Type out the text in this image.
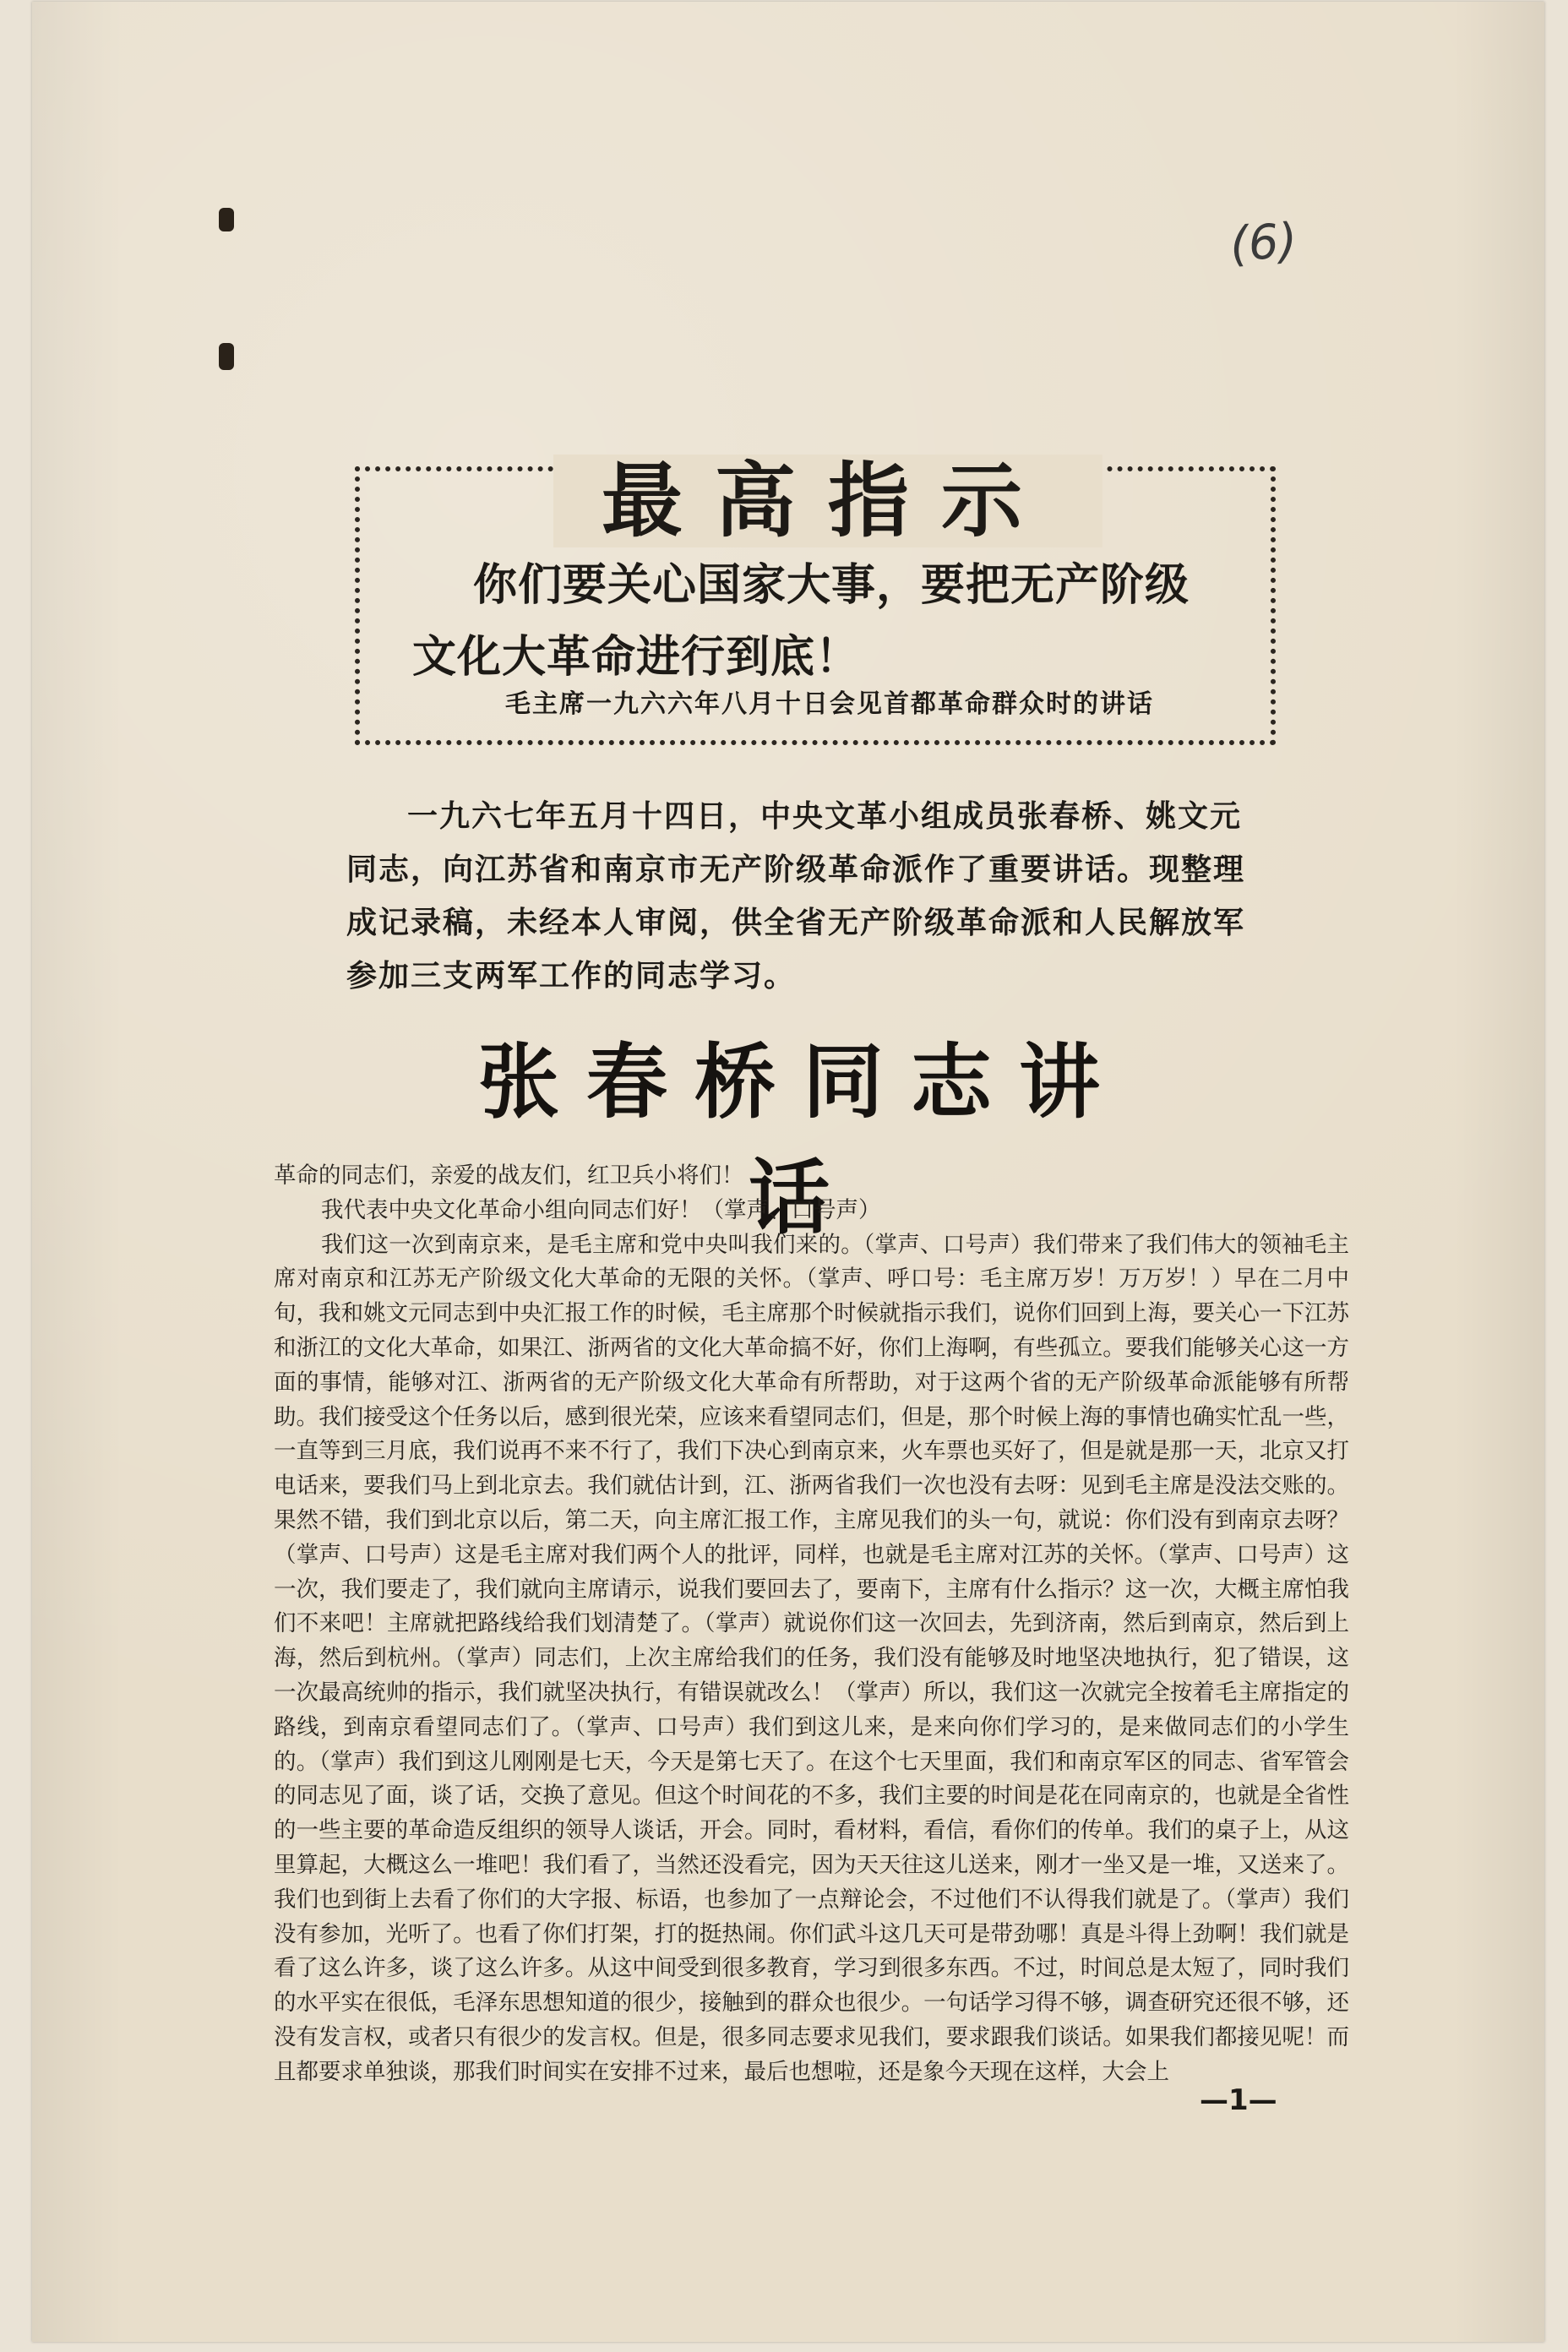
(6)
最高指示
你们要关心国家大事，要把无产阶级
文化大革命进行到底！
毛主席一九六六年八月十日会见首都革命群众时的讲话
一九六七年五月十四日，中央文革小组成员张春桥、姚文元同志，向江苏省和南京市无产阶级革命派作了重要讲话。现整理成记录稿，未经本人审阅，供全省无产阶级革命派和人民解放军参加三支两军工作的同志学习。
张春桥同志讲话

革命的同志们，亲爱的战友们，红卫兵小将们！

我代表中央文化革命小组向同志们好！（掌声、口号声）

我们这一次到南京来，是毛主席和党中央叫我们来的。（掌声、口号声）我们带来了我们伟大的领袖毛主席对南京和江苏无产阶级文化大革命的无限的关怀。（掌声、呼口号：毛主席万岁！万万岁！）早在二月中旬，我和姚文元同志到中央汇报工作的时候，毛主席那个时候就指示我们，说你们回到上海，要关心一下江苏和浙江的文化大革命，如果江、浙两省的文化大革命搞不好，你们上海啊，有些孤立。要我们能够关心这一方面的事情，能够对江、浙两省的无产阶级文化大革命有所帮助，对于这两个省的无产阶级革命派能够有所帮助。我们接受这个任务以后，感到很光荣，应该来看望同志们，但是，那个时候上海的事情也确实忙乱一些，一直等到三月底，我们说再不来不行了，我们下决心到南京来，火车票也买好了，但是就是那一天，北京又打电话来，要我们马上到北京去。我们就估计到，江、浙两省我们一次也没有去呀：见到毛主席是没法交账的。果然不错，我们到北京以后，第二天，向主席汇报工作，主席见我们的头一句，就说：你们没有到南京去呀？（掌声、口号声）这是毛主席对我们两个人的批评，同样，也就是毛主席对江苏的关怀。（掌声、口号声）这一次，我们要走了，我们就向主席请示，说我们要回去了，要南下，主席有什么指示？这一次，大概主席怕我们不来吧！主席就把路线给我们划清楚了。（掌声）就说你们这一次回去，先到济南，然后到南京，然后到上海，然后到杭州。（掌声）同志们，上次主席给我们的任务，我们没有能够及时地坚决地执行，犯了错误，这一次最高统帅的指示，我们就坚决执行，有错误就改么！（掌声）所以，我们这一次就完全按着毛主席指定的路线，到南京看望同志们了。（掌声、口号声）我们到这儿来，是来向你们学习的，是来做同志们的小学生的。（掌声）我们到这儿刚刚是七天，今天是第七天了。在这个七天里面，我们和南京军区的同志、省军管会的同志见了面，谈了话，交换了意见。但这个时间花的不多，我们主要的时间是花在同南京的，也就是全省性的一些主要的革命造反组织的领导人谈话，开会。同时，看材料，看信，看你们的传单。我们的桌子上，从这里算起，大概这么一堆吧！我们看了，当然还没看完，因为天天往这儿送来，刚才一坐又是一堆，又送来了。我们也到街上去看了你们的大字报、标语，也参加了一点辩论会，不过他们不认得我们就是了。（掌声）我们没有参加，光听了。也看了你们打架，打的挺热闹。你们武斗这几天可是带劲哪！真是斗得上劲啊！我们就是看了这么许多，谈了这么许多。从这中间受到很多教育，学习到很多东西。不过，时间总是太短了，同时我们的水平实在很低，毛泽东思想知道的很少，接触到的群众也很少。一句话学习得不够，调查研究还很不够，还没有发言权，或者只有很少的发言权。但是，很多同志要求见我们，要求跟我们谈话。如果我们都接见呢！而且都要求单独谈，那我们时间实在安排不过来，最后也想啦，还是象今天现在这样，大会上

—1—
